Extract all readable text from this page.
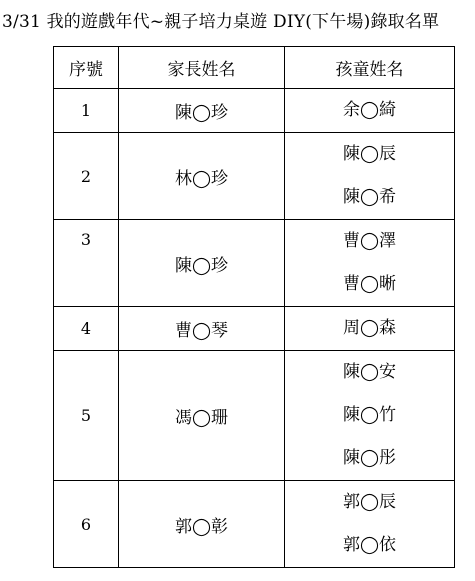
3/31 我的遊戲年代~親子培力桌遊 DIY(下午場)錄取名單
序號	家長姓名	孩童姓名
1	陳◯珍	余◯綺

2	林◯珍	陳◯辰
陳◯希

3	陳◯珍	曹◯澤
曹◯晰

4	曹◯琴	周◯森

5	馮◯珊	陳◯安
陳◯竹
陳◯彤

6	郭◯彰	郭◯辰
郭◯依
